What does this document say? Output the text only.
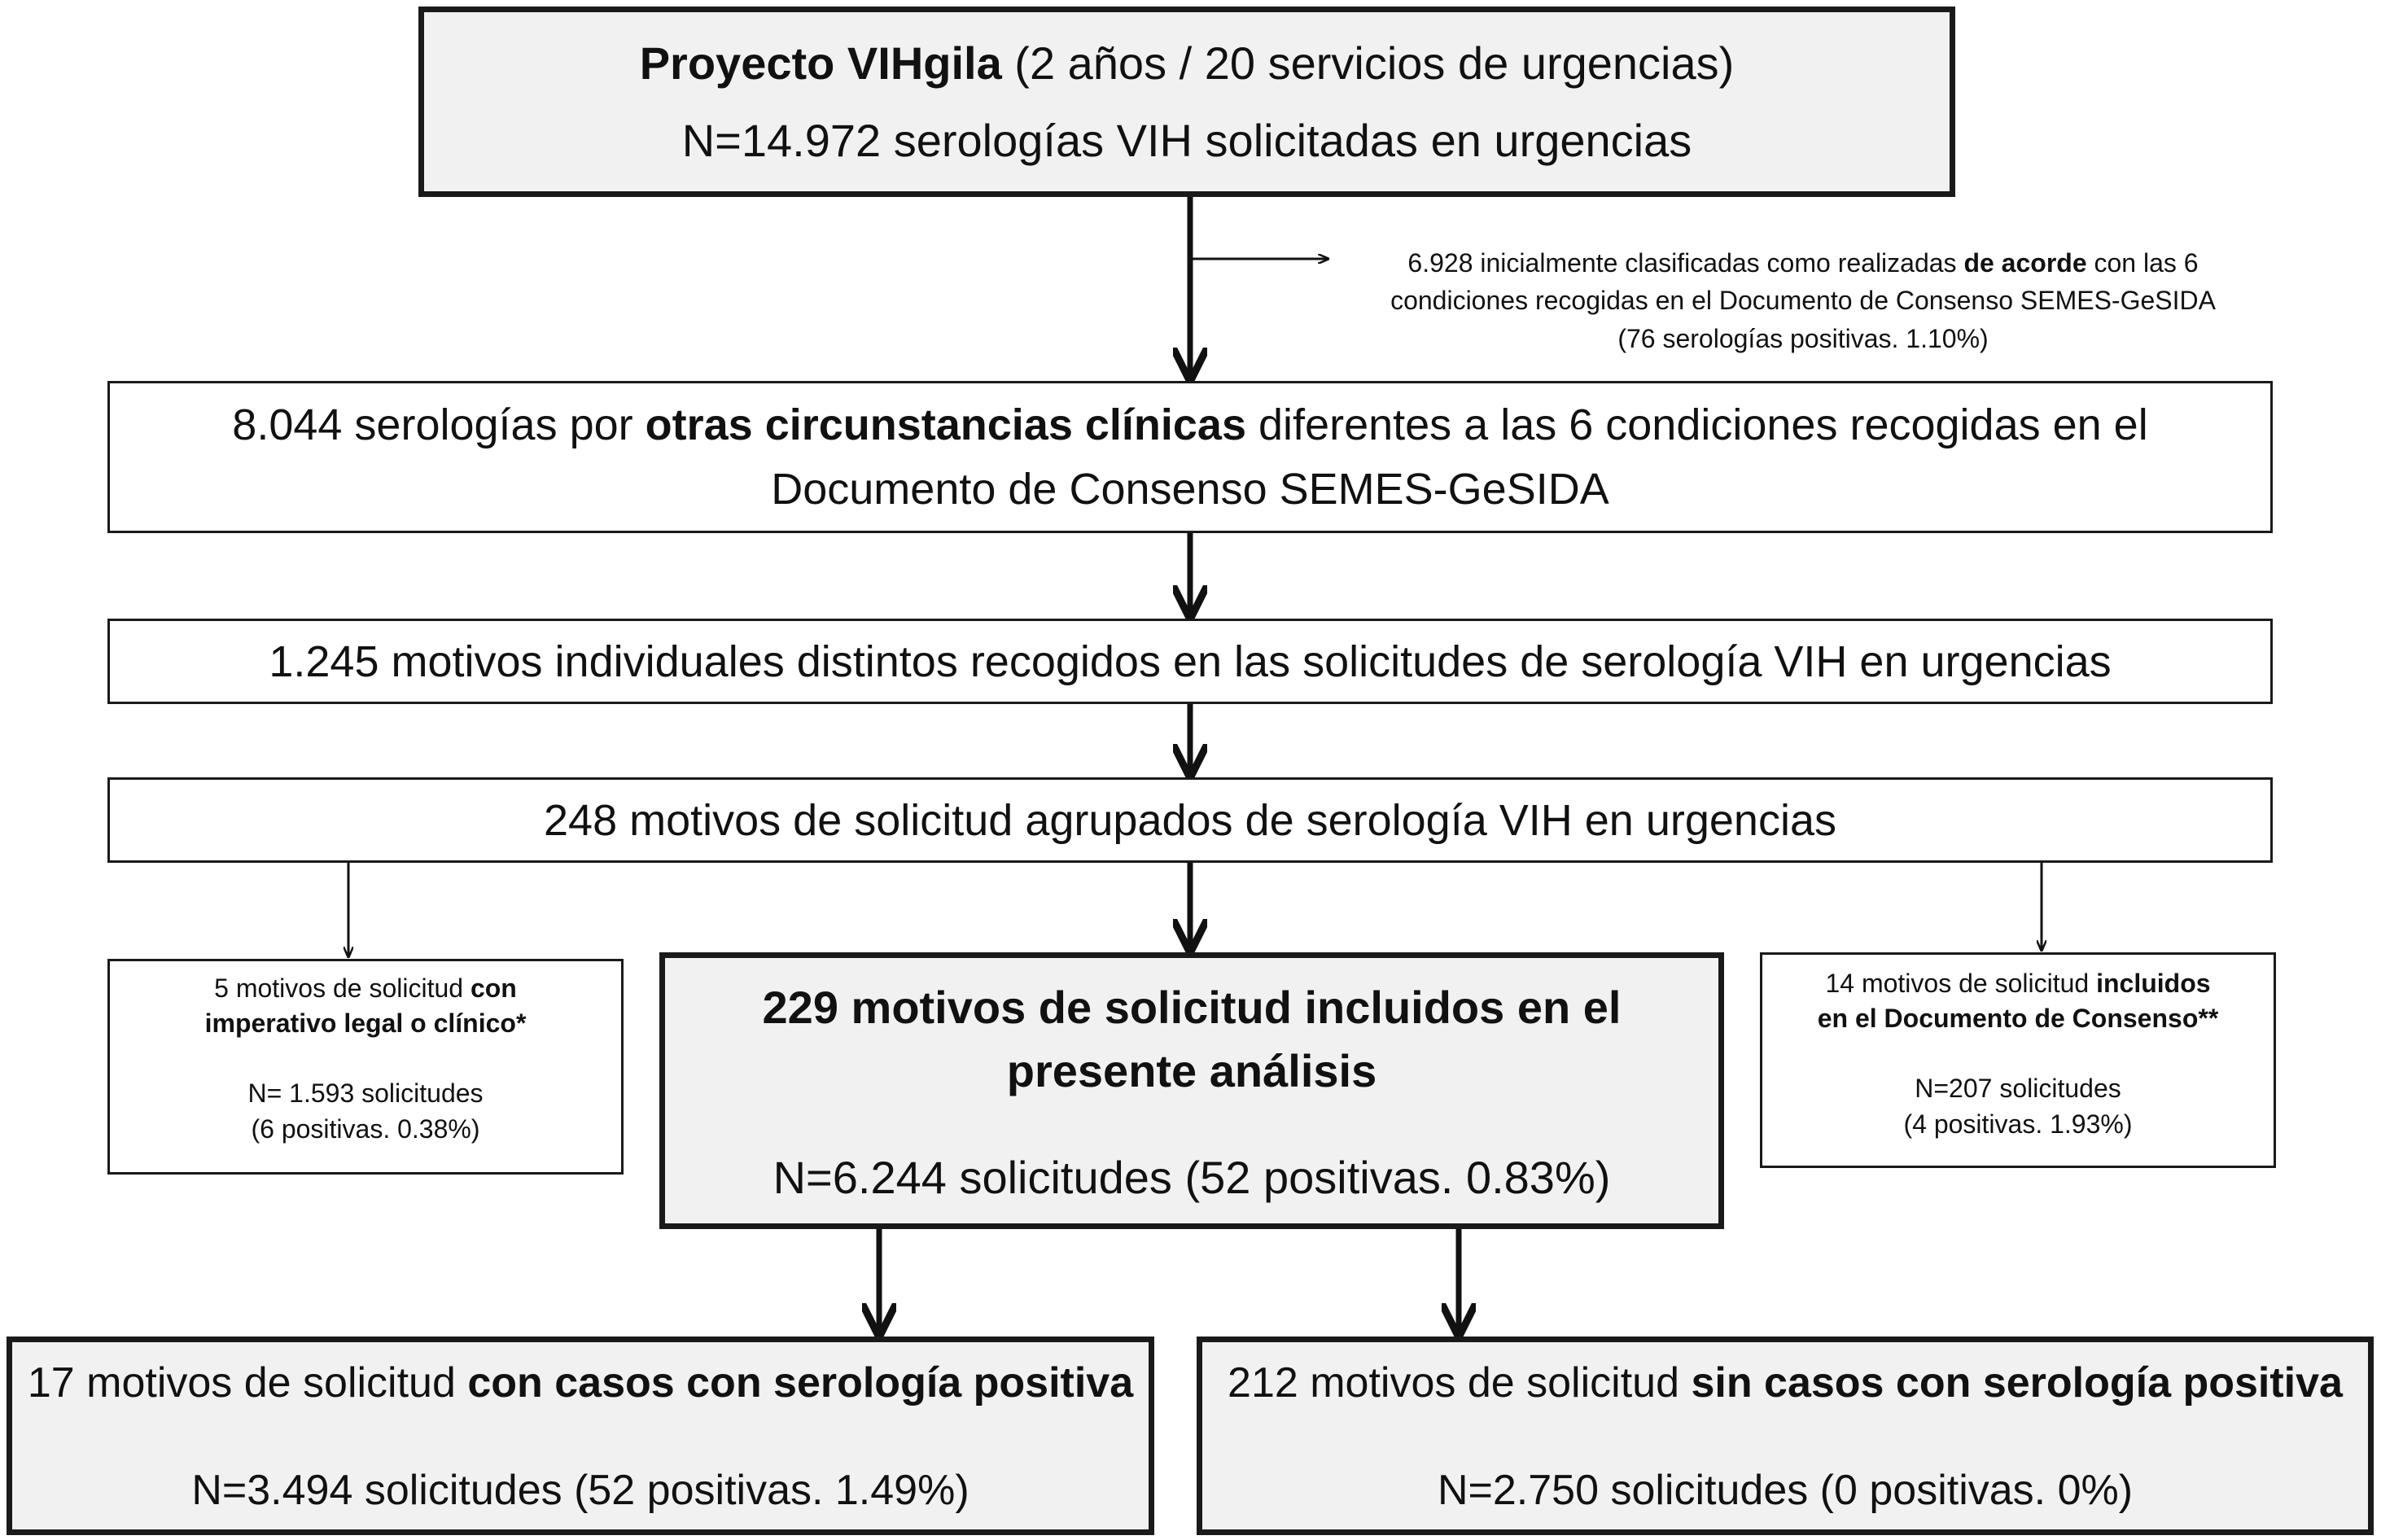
Proyecto VIHgila (2 años / 20 servicios de urgencias)

N=14.972 serologías VIH solicitadas en urgencias

6.928 inicialmente clasificadas como realizadas de acorde con las 6

condiciones recogidas en el Documento de Consenso SEMES-GeSIDA

(76 serologías positivas. 1.10%)

8.044 serologías por otras circunstancias clínicas diferentes a las 6 condiciones recogidas en el

Documento de Consenso SEMES-GeSIDA

1.245 motivos individuales distintos recogidos en las solicitudes de serología VIH en urgencias

248 motivos de solicitud agrupados de serología VIH en urgencias

5 motivos de solicitud con

imperativo legal o clínico*

N= 1.593 solicitudes

(6 positivas. 0.38%)

229 motivos de solicitud incluidos en el

presente análisis

N=6.244 solicitudes (52 positivas. 0.83%)

14 motivos de solicitud incluidos

en el Documento de Consenso**

N=207 solicitudes

(4 positivas. 1.93%)

17 motivos de solicitud con casos con serología positiva

N=3.494 solicitudes (52 positivas. 1.49%)

212 motivos de solicitud sin casos con serología positiva

N=2.750 solicitudes (0 positivas. 0%)
